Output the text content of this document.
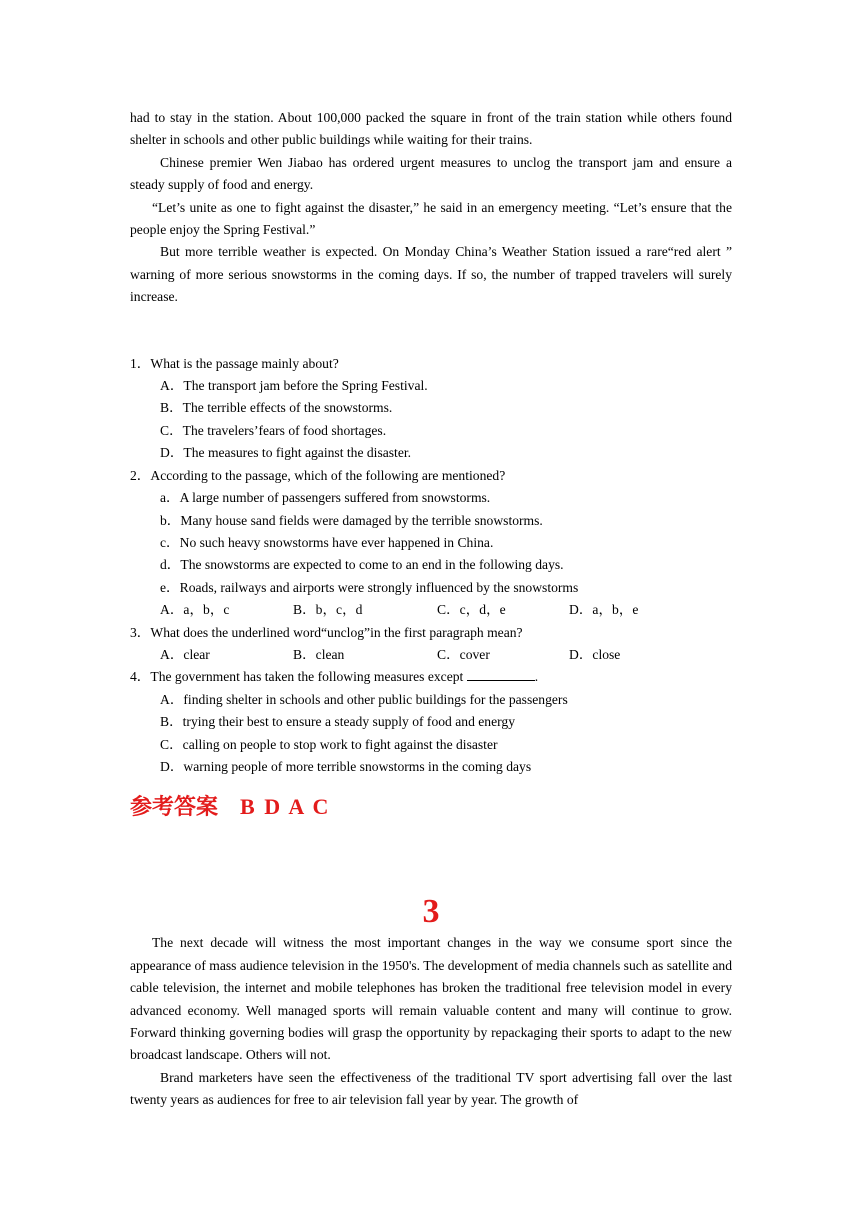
had to stay in the station. About 100,000 packed the square in front of the train station while others found shelter in schools and other public buildings while waiting for their trains.

Chinese premier Wen Jiabao has ordered urgent measures to unclog the transport jam and ensure a steady supply of food and energy.

“Let’s unite as one to fight against the disaster,” he said in an emergency meeting. “Let’s ensure that the people enjoy the Spring Festival.”

But more terrible weather is expected. On Monday China’s Weather Station issued a rare“red alert ” warning of more serious snowstorms in the coming days. If so, the number of trapped travelers will surely increase.

1．What is the passage mainly about?

A．The transport jam before the Spring Festival.

B．The terrible effects of the snowstorms.

C．The travelers’fears of food shortages.

D．The measures to fight against the disaster.

2．According to the passage, which of the following are mentioned?

a．A large number of passengers suffered from snowstorms.

b．Many house sand fields were damaged by the terrible snowstorms.

c．No such heavy snowstorms have ever happened in China.

d．The snowstorms are expected to come to an end in the following days.

e．Roads, railways and airports were strongly influenced by the snowstorms

A．a，b，c	B．b，c，d	C．c，d，e	D．a，b，e

3．What does the underlined word“unclog”in the first paragraph mean?

A．clear	B．clean	C．cover	D．close

4．The government has taken the following measures except	.

A．finding shelter in schools and other public buildings for the passengers

B．trying their best to ensure a steady supply of food and energy

C．calling on people to stop work to fight against the disaster

D．warning people of more terrible snowstorms in the coming days

参考答案 B D A C

3

The next decade will witness the most important changes in the way we consume sport since the appearance of mass audience television in the 1950's. The development of media channels such as satellite and cable television, the internet and mobile telephones has broken the traditional free television model in every advanced economy. Well managed sports will remain valuable content and many will continue to grow. Forward thinking governing bodies will grasp the opportunity by repackaging their sports to adapt to the new broadcast landscape. Others will not.

Brand marketers have seen the effectiveness of the traditional TV sport advertising fall over the last twenty years as audiences for free to air television fall year by year. The growth of
